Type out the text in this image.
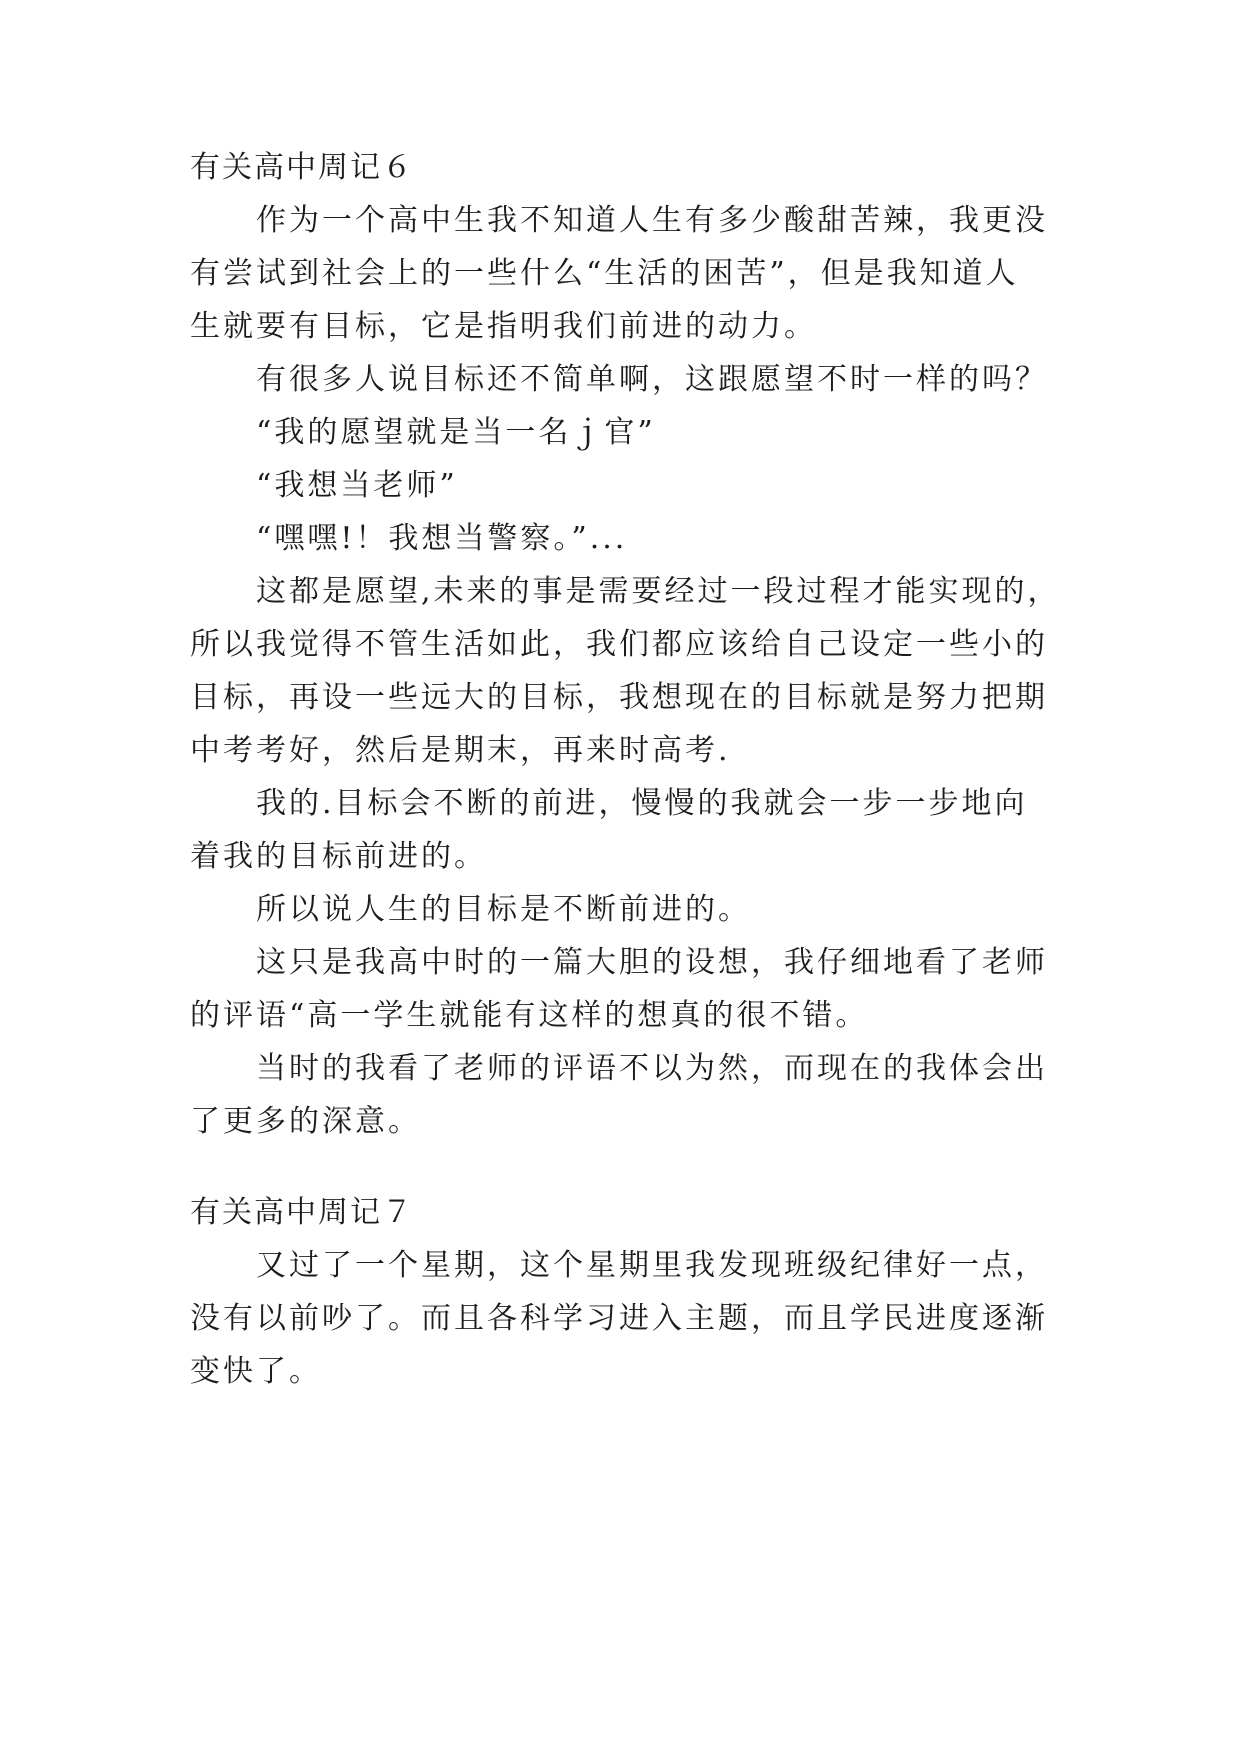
有关高中周记６
作为一个高中生我不知道人生有多少酸甜苦辣，我更没
有尝试到社会上的一些什么“生活的困苦”，但是我知道人
生就要有目标，它是指明我们前进的动力。
有很多人说目标还不简单啊，这跟愿望不时一样的吗？
“我的愿望就是当一名ｊ官”
“我想当老师”
“嘿嘿!！我想当警察。”...
这都是愿望,未来的事是需要经过一段过程才能实现的，
所以我觉得不管生活如此，我们都应该给自己设定一些小的
目标，再设一些远大的目标，我想现在的目标就是努力把期
中考考好，然后是期末，再来时高考.
我的.目标会不断的前进，慢慢的我就会一步一步地向
着我的目标前进的。
所以说人生的目标是不断前进的。
这只是我高中时的一篇大胆的设想，我仔细地看了老师
的评语“高一学生就能有这样的想真的很不错。
当时的我看了老师的评语不以为然，而现在的我体会出
了更多的深意。
有关高中周记７
又过了一个星期，这个星期里我发现班级纪律好一点，
没有以前吵了。而且各科学习进入主题，而且学民进度逐渐
变快了。
